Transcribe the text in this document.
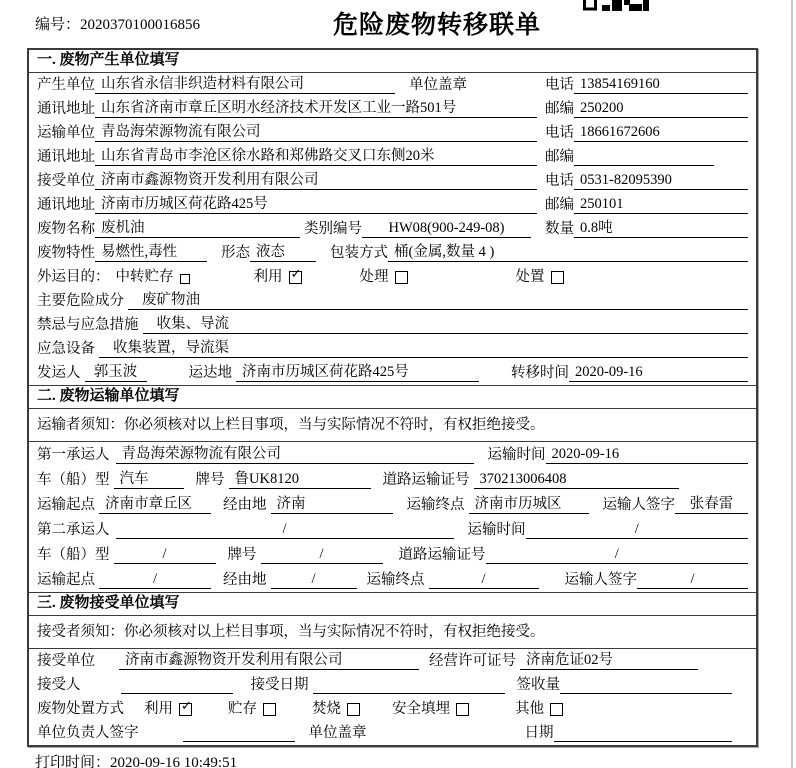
编号：2020370100016856	危险废物转移联单
一. 废物产生单位填写
产生单位 山东省永信非织造材料有限公司	单位盖章	电话 13854169160
通讯地址 山东省济南市章丘区明水经济技术开发区工业一路501号	邮编 250200
运输单位 青岛海荣源物流有限公司	电话 18661672606
通讯地址 山东省青岛市李沧区徐水路和郑佛路交叉口东侧20米	邮编
接受单位 济南市鑫源物资开发利用有限公司	电话 0531-82095390
通讯地址 济南市历城区荷花路425号	邮编 250101
废物名称 废机油	类别编号	HW08(900-249-08)	数量 0.8吨
废物特性 易燃性,毒性	形态 液态	包装方式 桶(金属,数量 4 )
外运目的： 中转贮存	利用 ✓	处理	处置
主要危险成分	废矿物油
禁忌与应急措施	收集、导流
应急设备	收集装置，导流渠
发运人 郭玉波	运达地 济南市历城区荷花路425号	转移时间 2020-09-16
二. 废物运输单位填写
运输者须知：你必须核对以上栏目事项，当与实际情况不符时，有权拒绝接受。
第一承运人 青岛海荣源物流有限公司	运输时间 2020-09-16
车（船）型 汽车	牌号 鲁UK8120	道路运输证号 370213006408
运输起点 济南市章丘区	经由地 济南	运输终点 济南市历城区	运输人签字	张春雷
第二承运人	/	运输时间	/
车（船）型	/	牌号	/	道路运输证号	/
运输起点	/	经由地	/	运输终点	/	运输人签字	/
三. 废物接受单位填写
接受者须知：你必须核对以上栏目事项，当与实际情况不符时，有权拒绝接受。
接受单位	济南市鑫源物资开发利用有限公司	经营许可证号 济南危证02号
接受人	接受日期	签收量
废物处置方式 利用 ✓	贮存	焚烧	安全填埋	其他
单位负责人签字	单位盖章	日期
打印时间：2020-09-16 10:49:51
